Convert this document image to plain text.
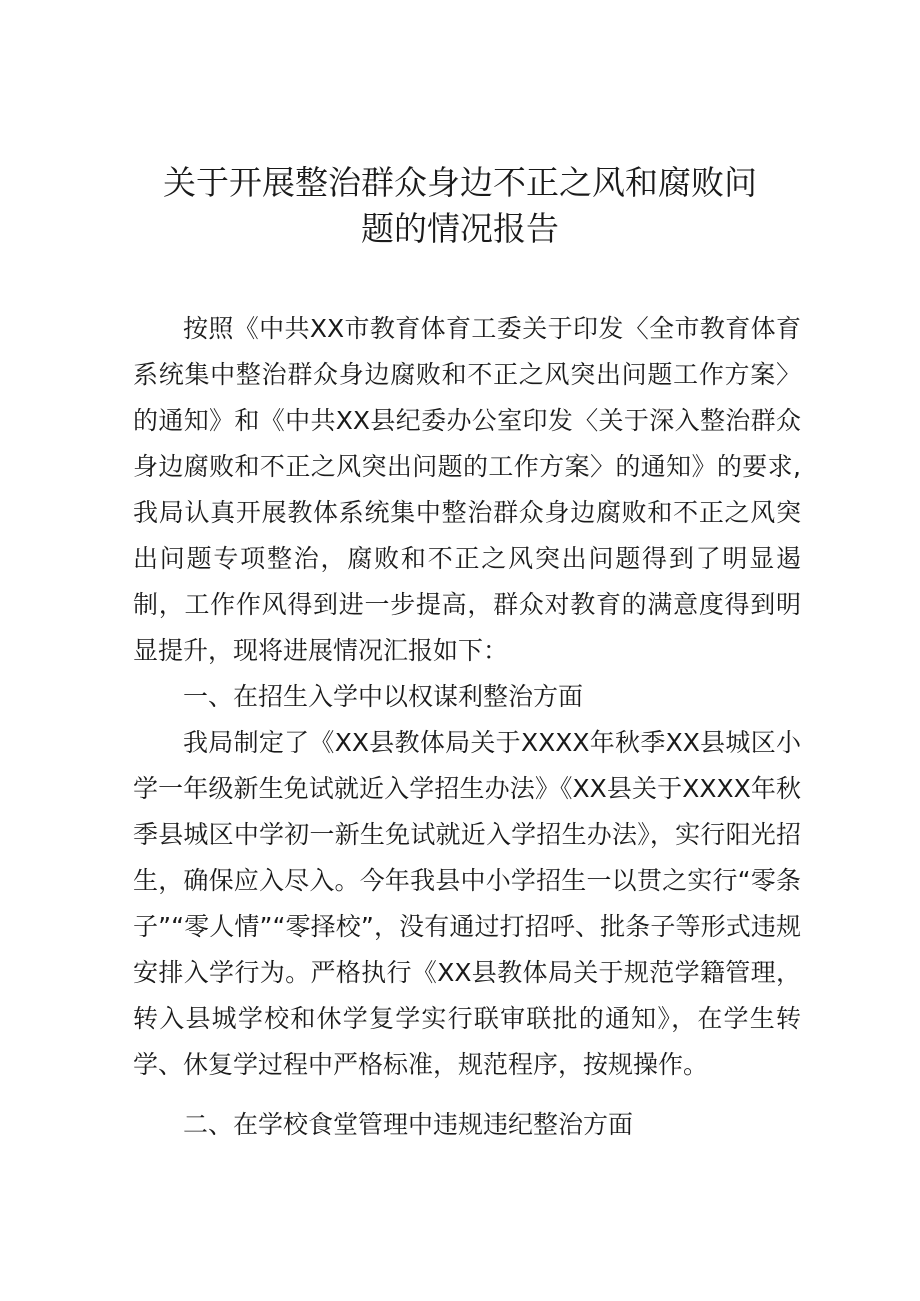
关于开展整治群众身边不正之风和腐败问
题的情况报告

按照《中共XX市教育体育工委关于印发〈全市教育体育系统集中整治群众身边腐败和不正之风突出问题工作方案〉的通知》和《中共XX县纪委办公室印发〈关于深入整治群众身边腐败和不正之风突出问题的工作方案〉的通知》的要求,我局认真开展教体系统集中整治群众身边腐败和不正之风突出问题专项整治，腐败和不正之风突出问题得到了明显遏制，工作作风得到进一步提高，群众对教育的满意度得到明显提升，现将进展情况汇报如下：

一、在招生入学中以权谋利整治方面

我局制定了《XX县教体局关于XXXX年秋季XX县城区小学一年级新生免试就近入学招生办法》《XX县关于XXXX年秋季县城区中学初一新生免试就近入学招生办法》，实行阳光招生，确保应入尽入。今年我县中小学招生一以贯之实行“零条子”“零人情”“零择校”，没有通过打招呼、批条子等形式违规安排入学行为。严格执行《XX县教体局关于规范学籍管理，转入县城学校和休学复学实行联审联批的通知》，在学生转学、休复学过程中严格标准，规范程序，按规操作。

二、在学校食堂管理中违规违纪整治方面
